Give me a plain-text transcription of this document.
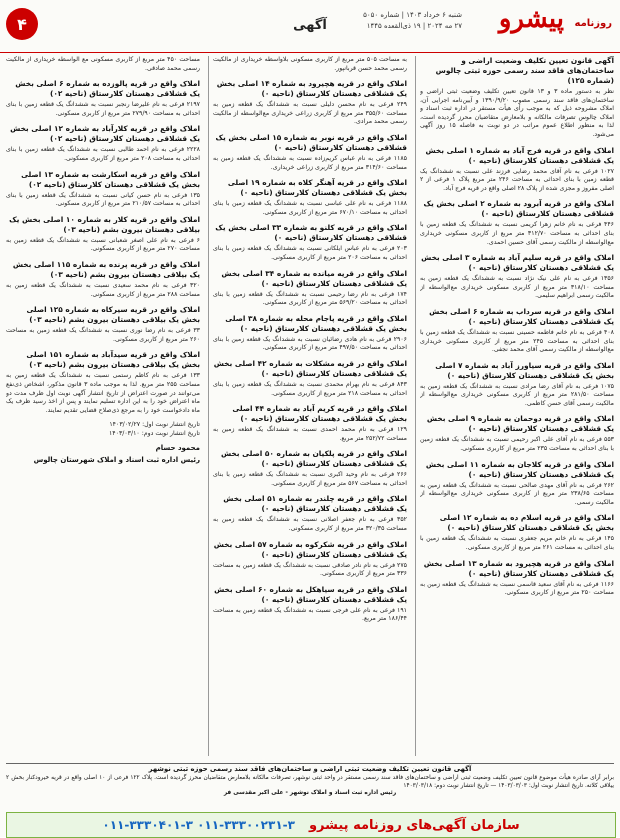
روزنامه
پیشرو
شنبه ۶ خرداد ۱۴۰۳ | شماره ۵۰۵۰
۲۷ مه ۲۰۲۴ | ۱۹ ذی‌القعده ۱۴۴۵
آگهی
۴

آگهی قانون تعیین تکلیف وضعیت اراضی و ساختمان‌های فاقد سند رسمی حوزه ثبتی چالوس (شماره ۱۲۵)

نظر به دستور ماده ۳ و ۱۳ قانون تعیین تکلیف وضعیت ثبتی اراضی و ساختمان‌های فاقد سند رسمی مصوب ۱۳۹۰/۹/۲۰ و آیین‌نامه اجرایی آن، املاک مشروحه ذیل که به موجب رأی هیأت مستقر در اداره ثبت اسناد و املاک چالوس تصرفات مالکانه و بلامعارض متقاضیان محرز گردیده است، لذا به منظور اطلاع عموم مراتب در دو نوبت به فاصله ۱۵ روز آگهی می‌شود.

املاک واقع در قریه فرج آباد به شماره ۱ اصلی بخش یک قشلاقی دهستان کلارستاق (ناحیه ۰)

۱۰۲۷ فرعی به نام آقای محمد رضایی فرزند علی نسبت به ششدانگ یک قطعه زمین با بنای احداثی به مساحت ۲۴۶ متر مربع پلاک ۱ فرعی از ۲ اصلی مفروز و مجزی شده از پلاک ۲۸ اصلی واقع در قریه فرج آباد.

املاک واقع در قریه آبرود به شماره ۲ اصلی بخش یک قشلاقی دهستان کلارستاق (ناحیه ۰)

۴۴۶ فرعی به نام خانم زهرا کریمی نسبت به ششدانگ یک قطعه زمین با بنای احداثی به مساحت ۳۱۲/۷۰ متر مربع از کاربری مسکونی خریداری مع‌الواسطه از مالکیت رسمی آقای حسین احمدی.

املاک واقع در قریه سلیم آباد به شماره ۳ اصلی بخش یک قشلاقی دهستان کلارستاق (ناحیه ۰)

۱۳۵۶ فرعی به نام علی نیک نژاد نسبت به ششدانگ یک قطعه زمین به مساحت ۳۱۸/۱۰ متر مربع از کاربری مسکونی خریداری مع‌الواسطه از مالکیت رسمی ابراهیم سلیمی.

املاک واقع در قریه سرداب به شماره ۶ اصلی بخش یک قشلاقی دهستان کلارستاق (ناحیه ۰)

۴۰۸ فرعی به نام خانم فاطمه حسینی نسبت به ششدانگ یک قطعه زمین با بنای احداثی به مساحت ۲۴۵ متر مربع از کاربری مسکونی خریداری مع‌الواسطه از مالکیت رسمی آقای محمد نجفی.

املاک واقع در قریه سیاورز آباد به شماره ۷ اصلی بخش یک قشلاقی دهستان کلارستاق (ناحیه ۰)

۱۰۷۵ فرعی به نام آقای رضا مرادی نسبت به ششدانگ یک قطعه زمین به مساحت ۲۸۱/۵۰ متر مربع از کاربری مسکونی خریداری مع‌الواسطه از مالکیت رسمی آقای حسن کاظمی.

املاک واقع در قریه دوحمان به شماره ۹ اصلی بخش یک قشلاقی دهستان کلارستاق (ناحیه ۰)

۵۵۳ فرعی به نام آقای علی اکبر رحیمی نسبت به ششدانگ یک قطعه زمین با بنای احداثی به مساحت ۲۳۵ متر مربع از کاربری مسکونی.

املاک واقع در قریه کلاجان به شماره ۱۱ اصلی بخش یک قشلاقی دهستان کلارستاق (ناحیه ۰)

۲۶۲ فرعی به نام آقای مهدی صالحی نسبت به ششدانگ یک قطعه زمین به مساحت ۲۳۸/۶۵ متر مربع از کاربری مسکونی خریداری مع‌الواسطه از مالکیت رسمی.

املاک واقع در قریه اسلام ده به شماره ۱۲ اصلی بخش یک قشلاقی دهستان کلارستاق (ناحیه ۰)

۱۴۵ فرعی به نام خانم مریم جعفری نسبت به ششدانگ یک قطعه زمین با بنای احداثی به مساحت ۲۶۱ متر مربع از کاربری مسکونی.

املاک واقع در قریه هچیرود به شماره ۱۳ اصلی بخش یک قشلاقی دهستان کلارستاق (ناحیه ۰)

۱۱۶۶ فرعی به نام آقای سعید قاسمی نسبت به ششدانگ یک قطعه زمین به مساحت ۲۵۰ متر مربع از کاربری مسکونی.

به مساحت ۵۰۵ متر مربع از کاربری مسکونی بلاواسطه خریداری از مالکیت رسمی محمد حسن قربانپور.

املاک واقع در قریه هچیرود به شماره ۱۴ اصلی بخش یک قشلاقی دهستان کلارستاق (ناحیه ۰)

۲۴۹ فرعی به نام محسن دلیلی نسبت به ششدانگ یک قطعه زمین به مساحت ۳۵۵/۶۰ متر مربع از کاربری زراعی خریداری مع‌الواسطه از مالکیت رسمی محمد مرادی.

املاک واقع در قریه نوبر به شماره ۱۵ اصلی بخش یک قشلاقی دهستان کلارستاق (ناحیه ۰)

۱۱۸۵ فرعی به نام عباس کریم‌زاده نسبت به ششدانگ یک قطعه زمین به مساحت ۳۱۴/۶۰ متر مربع از کاربری زراعی خریداری.

املاک واقع در قریه آهنگر کلاه به شماره ۱۹ اصلی بخش یک قشلاقی دهستان کلارستاق (ناحیه ۰)

۱۱۸۸ فرعی به نام علی عباسی نسبت به ششدانگ یک قطعه زمین با بنای احداثی به مساحت ۶۷۰/۱۰ متر مربع از کاربری مسکونی.

املاک واقع در قریه کلنو به شماره ۳۳ اصلی بخش یک قشلاقی دهستان کلارستاق (ناحیه ۰)

۲۰۳ فرعی به نام عباس ایلکانی نسبت به ششدانگ یک قطعه زمین با بنای احداثی به مساحت ۲۰۶ متر مربع از کاربری مسکونی.

املاک واقع در قریه میانده به شماره ۳۴ اصلی بخش یک قشلاقی دهستان کلارستاق (ناحیه ۰)

۱۷۴ فرعی به نام رضا رحیمی نسبت به ششدانگ یک قطعه زمین با بنای احداثی به مساحت ۵۶۹/۲۰ متر مربع از کاربری مسکونی.

املاک واقع در قریه پاجام محله به شماره ۳۸ اصلی بخش یک قشلاقی دهستان کلارستاق (ناحیه ۰)

۲۹۰۶ فرعی به نام هادی رضائیان نسبت به ششدانگ یک قطعه زمین با بنای احداثی به مساحت ۴۹۷/۵۰ متر مربع از کاربری مسکونی.

املاک واقع در قریه مشکلات به شماره ۴۲ اصلی بخش یک قشلاقی دهستان کلارستاق (ناحیه ۰)

۸۴۳ فرعی به نام بهرام محمدی نسبت به ششدانگ یک قطعه زمین با بنای احداثی به مساحت ۲۱۸ متر مربع از کاربری مسکونی.

املاک واقع در قریه کریم آباد به شماره ۴۴ اصلی بخش یک قشلاقی دهستان کلارستاق (ناحیه ۰)

۱۲۹ فرعی به نام محمد احمدی نسبت به ششدانگ یک قطعه زمین به مساحت ۲۵۲/۷۲ متر مربع.

املاک واقع در قریه پلکیان به شماره ۵۰ اصلی بخش یک قشلاقی دهستان کلارستاق (ناحیه ۰)

۲۶۶ فرعی به نام وحید اکبری نسبت به ششدانگ یک قطعه زمین با بنای احداثی به مساحت ۵۶۷ متر مربع از کاربری مسکونی.

املاک واقع در قریه چلندر به شماره ۵۱ اصلی بخش یک قشلاقی دهستان کلارستاق (ناحیه ۰)

۳۵۲ فرعی به نام جعفر اصلانی نسبت به ششدانگ یک قطعه زمین به مساحت ۳۲۰/۳۵ متر مربع از کاربری مسکونی.

املاک واقع در قریه شکرکوه به شماره ۵۷ اصلی بخش یک قشلاقی دهستان کلارستاق (ناحیه ۰)

۲۷۵ فرعی به نام نادر صادقی نسبت به ششدانگ یک قطعه زمین به مساحت ۳۳۶ متر مربع از کاربری مسکونی.

املاک واقع در قریه سیاهکل به شماره ۶۰ اصلی بخش یک قشلاقی دهستان کلارستاق (ناحیه ۰)

۱۹۱ فرعی به نام علی فرجی نسبت به ششدانگ یک قطعه زمین به مساحت ۱۸۶/۴۴ متر مربع.

مساحت ۴۵۰ متر مربع از کاربری مسکونی مع الواسطه خریداری از مالکیت رسمی محمد صادقی.

املاک واقع در قریه پالوزده به شماره ۶ اصلی بخش یک قشلاقی دهستان کلارستاق (ناحیه ۰۲)

۲۱۹۷ فرعی به نام علیرضا رنجبر نسبت به ششدانگ یک قطعه زمین با بنای احداثی به مساحت ۲۷۹/۹۰ متر مربع از کاربری مسکونی.

املاک واقع در قریه کلارآباد به شماره ۱۲ اصلی بخش یک قشلاقی دهستان کلارستاق (ناحیه ۰۲)

۲۲۲۸ فرعی به نام احمد طالبی نسبت به ششدانگ یک قطعه زمین با بنای احداثی به مساحت ۲۰۸ متر مربع از کاربری مسکونی.

املاک واقع در قریه اسکارشت به شماره ۱۳ اصلی بخش یک قشلاقی دهستان کلارستاق (ناحیه ۰۲)

۱۳۵ فرعی به نام حسن کیانی نسبت به ششدانگ یک قطعه زمین با بنای احداثی به مساحت ۲۱۰/۵۷ متر مربع از کاربری مسکونی.

املاک واقع در قریه کلار به شماره ۱۰ اصلی بخش یک بیلاقی دهستان بیرون بشم (ناحیه ۰۳)

۶ فرعی به نام علی اصغر شعبانی نسبت به ششدانگ یک قطعه زمین به مساحت ۲۷۰ متر مربع از کاربری مسکونی.

املاک واقع در قریه پرنده به شماره ۱۱۵ اصلی بخش یک بیلاقی دهستان بیرون بشم (ناحیه ۰۳)

۳۲۰ فرعی به نام محمد سعیدی نسبت به ششدانگ یک قطعه زمین به مساحت ۲۸۸ متر مربع از کاربری مسکونی.

املاک واقع در قریه سیرکاه به شماره ۱۲۵ اصلی بخش یک بیلاقی دهستان بیرون بشم (ناحیه ۰۳)

۳۳ فرعی به نام رضا نوری نسبت به ششدانگ یک قطعه زمین به مساحت ۲۶۰ متر مربع از کاربری مسکونی.

املاک واقع در قریه سیدآباد به شماره ۱۵۱ اصلی بخش یک بیلاقی دهستان بیرون بشم (ناحیه ۰۳)

۱۳۳ فرعی به نام کاظم رستمی نسبت به ششدانگ یک قطعه زمین به مساحت ۲۵۵ متر مربع. لذا به موجب ماده ۳ قانون مذکور، اشخاص ذی‌نفع می‌توانند در صورت اعتراض از تاریخ انتشار آگهی نوبت اول ظرف مدت دو ماه اعتراض خود را به این اداره تسلیم نمایند و پس از اخذ رسید ظرف یک ماه دادخواست خود را به مرجع ذی‌صلاح قضایی تقدیم نمایند.

تاریخ انتشار نوبت اول: ۱۴۰۳/۰۲/۲۷
تاریخ انتشار نوبت دوم: ۱۴۰۳/۰۳/۱۰

محمود حسام
رئیس اداره ثبت اسناد و املاک شهرستان چالوس

آگهی قانون تعیین تکلیف وضعیت ثبتی اراضی و ساختمان‌های فاقد سند رسمی حوزه ثبتی نوشهر

برابر آرای صادره هیأت موضوع قانون تعیین تکلیف وضعیت ثبتی اراضی و ساختمان‌های فاقد سند رسمی مستقر در واحد ثبتی نوشهر، تصرفات مالکانه بلامعارض متقاضیان محرز گردیده است. پلاک ۱۲۲ فرعی از ۱۰ اصلی واقع در قریه خیرودکنار بخش ۲ ییلاقی کلاته. تاریخ انتشار نوبت اول: ۱۴۰۳/۰۳/۰۳ — تاریخ انتشار نوبت دوم: ۱۴۰۳/۰۳/۱۸

رئیس اداره ثبت اسناد و املاک نوشهر - علی اکبر مقدسی فر

سازمان آگهی‌های روزنامه پیشرو
۰۱۱-۳۳۳۰۰۲۳۱-۳ ۰۱۱-۳۳۳۰۴۰۱-۳
